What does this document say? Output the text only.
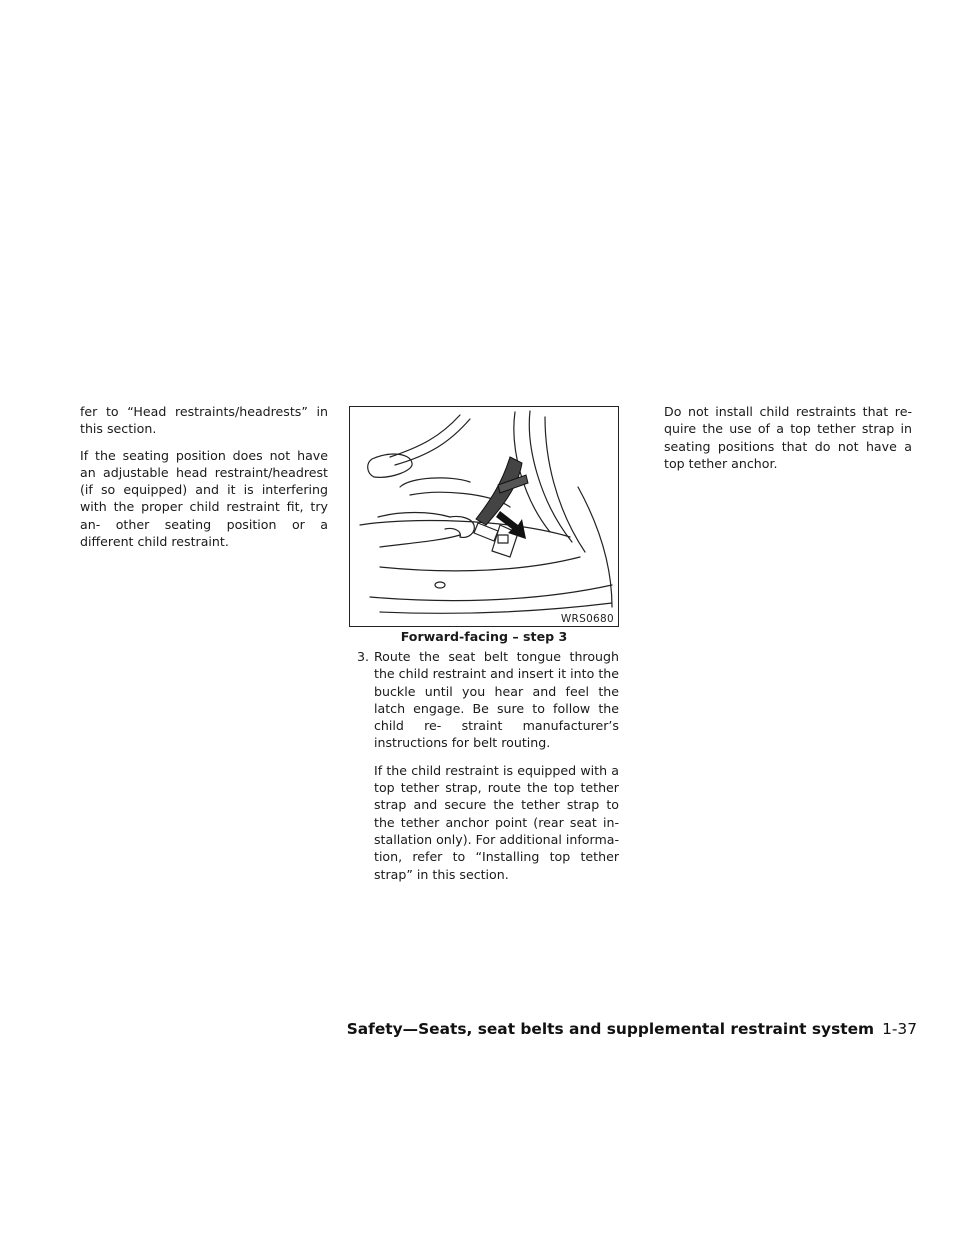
fer to “Head restraints/headrests” in this section.

If the seating position does not have an adjustable head restraint/headrest (if so equipped) and it is interfering with the proper child restraint fit, try an‑ other seating position or a different child restraint.

WRS0680
Forward-facing – step 3
3. Route the seat belt tongue through the child restraint and insert it into the buckle until you hear and feel the latch engage. Be sure to follow the child re‑ straint manufacturer’s instructions for belt routing.

If the child restraint is equipped with a top tether strap, route the top tether strap and secure the tether strap to the tether anchor point (rear seat in‑ stallation only). For additional informa‑ tion, refer to “Installing top tether strap” in this section.

Do not install child restraints that re‑ quire the use of a top tether strap in seating positions that do not have a top tether anchor.

Safety—Seats, seat belts and supplemental restraint system 1-37
